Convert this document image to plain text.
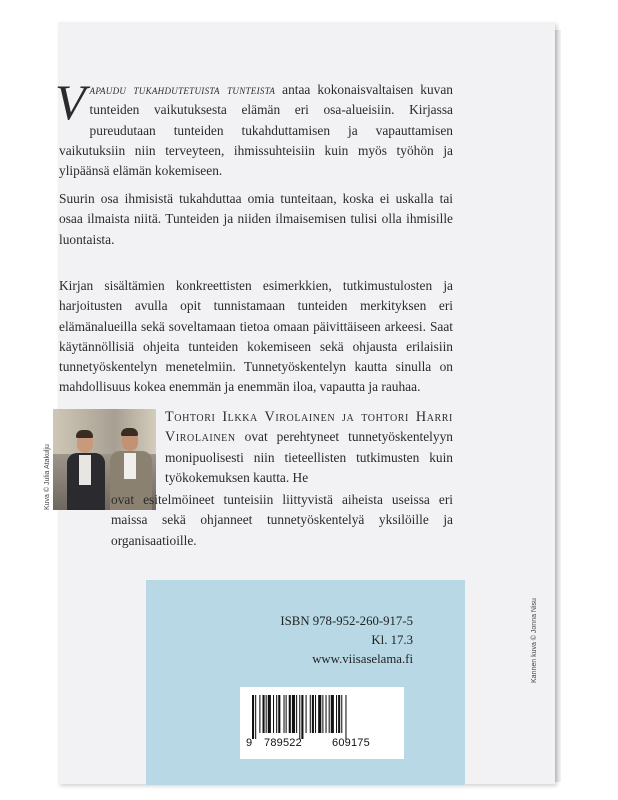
Vapaudu tukahdutetuista tunteista antaa kokonaisvaltaisen kuvan tunteiden vaikutuksesta elämän eri osa-alueisiin. Kirjassa pureudutaan tunteiden tukahduttamisen ja vapauttamisen vaikutuksiin niin terveyteen, ihmissuhteisiin kuin myös työhön ja ylipäänsä elämän kokemiseen.
Suurin osa ihmisistä tukahduttaa omia tunteitaan, koska ei uskalla tai osaa ilmaista niitä. Tunteiden ja niiden ilmaisemisen tulisi olla ihmisille luontaista.
Kirjan sisältämien konkreettisten esimerkkien, tutkimustulosten ja harjoitusten avulla opit tunnistamaan tunteiden merkityksen eri elämänalueilla sekä soveltamaan tietoa omaan päivittäiseen arkeesi. Saat käytännöllisiä ohjeita tunteiden kokemiseen sekä ohjausta erilaisiin tunnetyöskentelyn menetelmiin. Tunnetyöskentelyn kautta sinulla on mahdollisuus kokea enemmän ja enemmän iloa, vapautta ja rauhaa.
Kuva © Julia Atakulju
Tohtori Ilkka Virolainen ja tohtori Harri Virolainen ovat perehtyneet tunnetyöskentelyyn monipuolisesti niin tieteellisten tutkimusten kuin työkokemuksen kautta. He
ovat esitelmöineet tunteisiin liittyvistä aiheista useissa eri maissa sekä ohjanneet tunnetyöskentelyä yksilöille ja organisaatioille.
Kannen kuva © Jonna Nisu
ISBN 978-952-260-917-5
Kl. 17.3
www.viisaselama.fi
9 789522	609175
